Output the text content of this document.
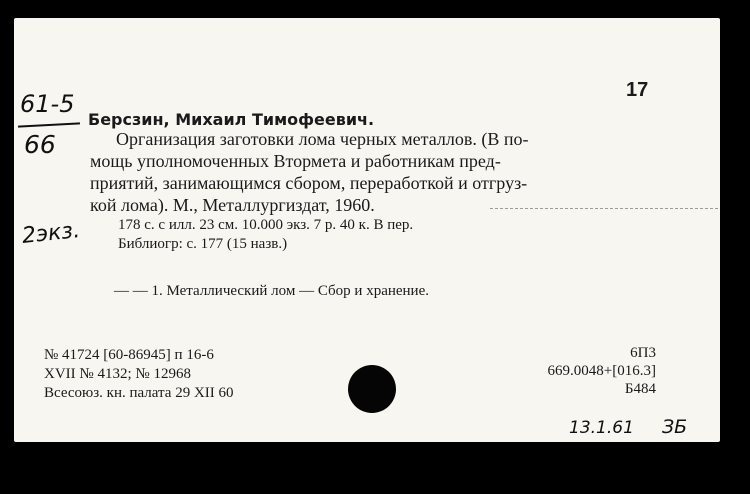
17
61-5
66
2экз.
Берсзин, Михаил Тимофеевич.
Организация заготовки лома черных металлов. (В по-
мощь уполномоченных Втормета и работникам пред-
приятий, занимающимся сбором, переработкой и отгруз-
кой лома). М., Металлургиздат, 1960.
178 с. с илл. 23 см. 10.000 экз. 7 р. 40 к. В пер.
Библиогр: с. 177 (15 назв.)
— — 1. Металлический лом — Сбор и хранение.
№ 41724 [60-86945] п 16-6
XVII № 4132; № 12968
Всесоюз. кн. палата 29 XII 60
6П3
669.0048+[016.3]
Б484
13.1.61 ЗБ
